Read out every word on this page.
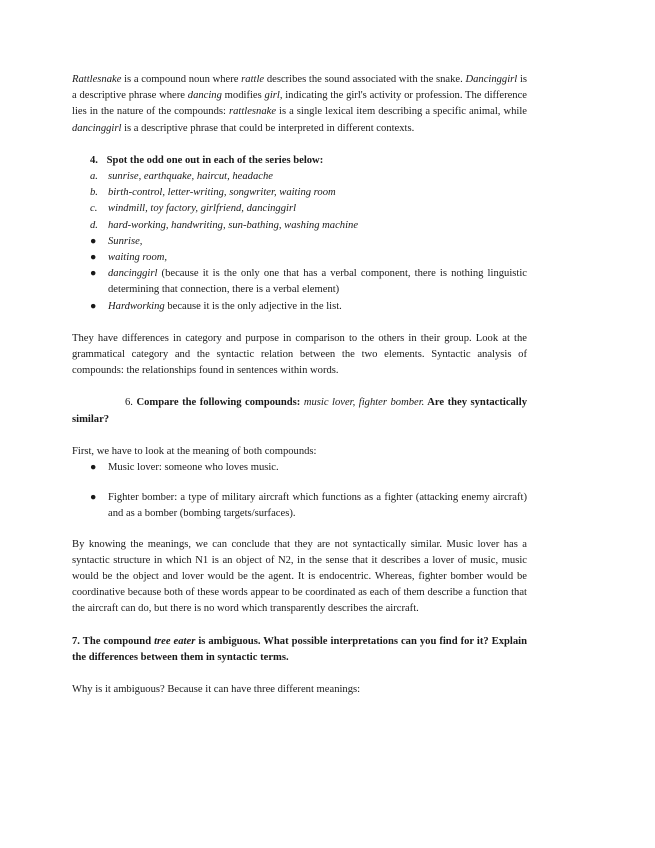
Rattlesnake is a compound noun where rattle describes the sound associated with the snake. Dancinggirl is a descriptive phrase where dancing modifies girl, indicating the girl's activity or profession. The difference lies in the nature of the compounds: rattlesnake is a single lexical item describing a specific animal, while dancinggirl is a descriptive phrase that could be interpreted in different contexts.

4. Spot the odd one out in each of the series below:

a. sunrise, earthquake, haircut, headache
b. birth-control, letter-writing, songwriter, waiting room
c. windmill, toy factory, girlfriend, dancinggirl
d. hard-working, handwriting, sun-bathing, washing machine
● Sunrise,
● waiting room,
● dancinggirl (because it is the only one that has a verbal component, there is nothing linguistic determining that connection, there is a verbal element)
● Hardworking because it is the only adjective in the list.

They have differences in category and purpose in comparison to the others in their group. Look at the grammatical category and the syntactic relation between the two elements. Syntactic analysis of compounds: the relationships found in sentences within words.

6. Compare the following compounds: music lover, fighter bomber. Are they syntactically similar?

First, we have to look at the meaning of both compounds:

● Music lover: someone who loves music.
● Fighter bomber: a type of military aircraft which functions as a fighter (attacking enemy aircraft) and as a bomber (bombing targets/surfaces).

By knowing the meanings, we can conclude that they are not syntactically similar. Music lover has a syntactic structure in which N1 is an object of N2, in the sense that it describes a lover of music, music would be the object and lover would be the agent. It is endocentric. Whereas, fighter bomber would be coordinative because both of these words appear to be coordinated as each of them describe a function that the aircraft can do, but there is no word which transparently describes the aircraft.

7. The compound tree eater is ambiguous. What possible interpretations can you find for it? Explain the differences between them in syntactic terms.

Why is it ambiguous? Because it can have three different meanings:
